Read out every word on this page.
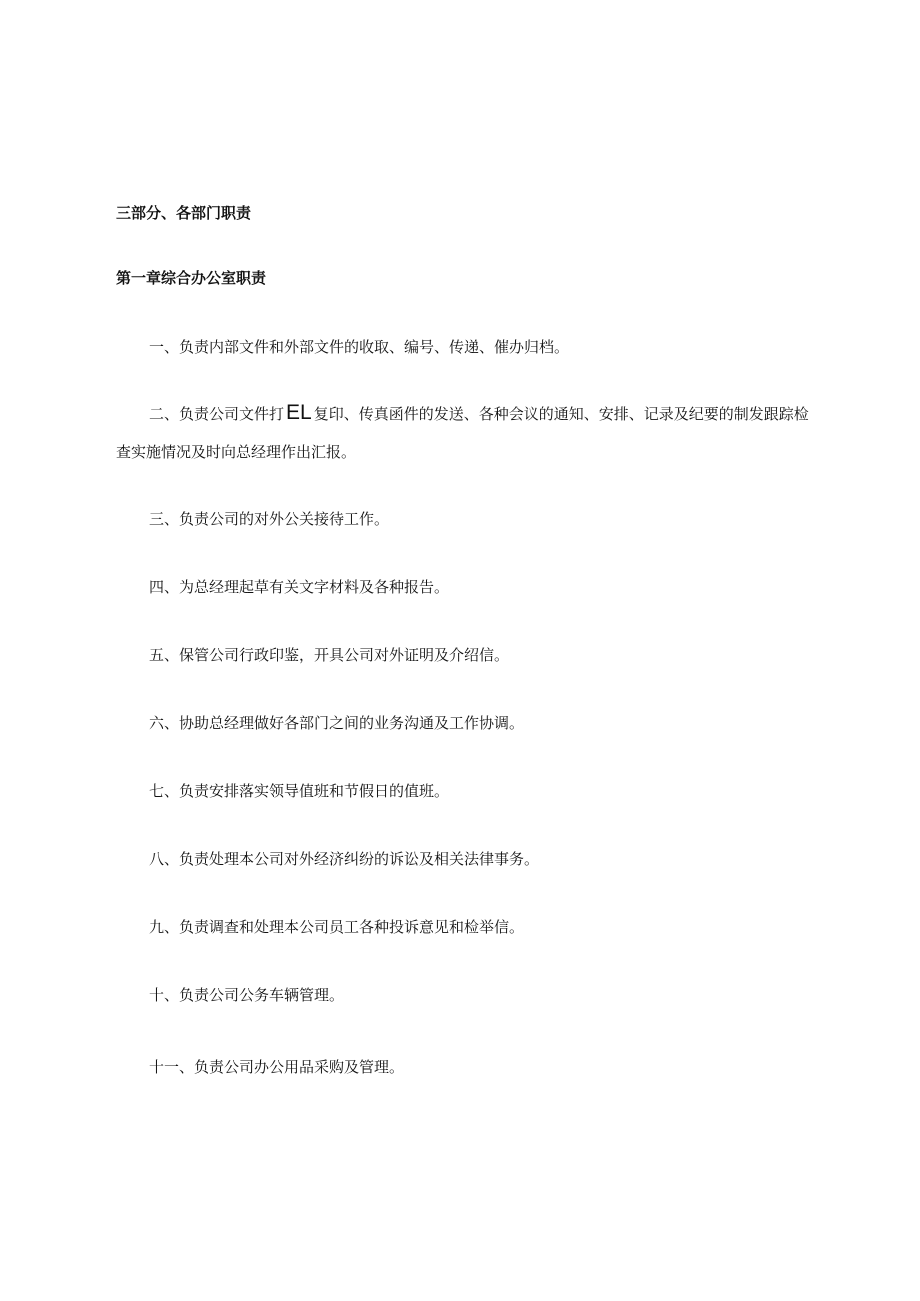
三部分、各部门职责
第一章综合办公室职责
一、负责内部文件和外部文件的收取、编号、传递、催办归档。
二、负责公司文件打EL 复印、传真函件的发送、各种会议的通知、安排、记录及纪要的制发跟踪检查实施情况及时向总经理作出汇报。
三、负责公司的对外公关接待工作。
四、为总经理起草有关文字材料及各种报告。
五、保管公司行政印鉴，开具公司对外证明及介绍信。
六、协助总经理做好各部门之间的业务沟通及工作协调。
七、负责安排落实领导值班和节假日的值班。
八、负责处理本公司对外经济纠纷的诉讼及相关法律事务。
九、负责调查和处理本公司员工各种投诉意见和检举信。
十、负责公司公务车辆管理。
十一、负责公司办公用品采购及管理。
